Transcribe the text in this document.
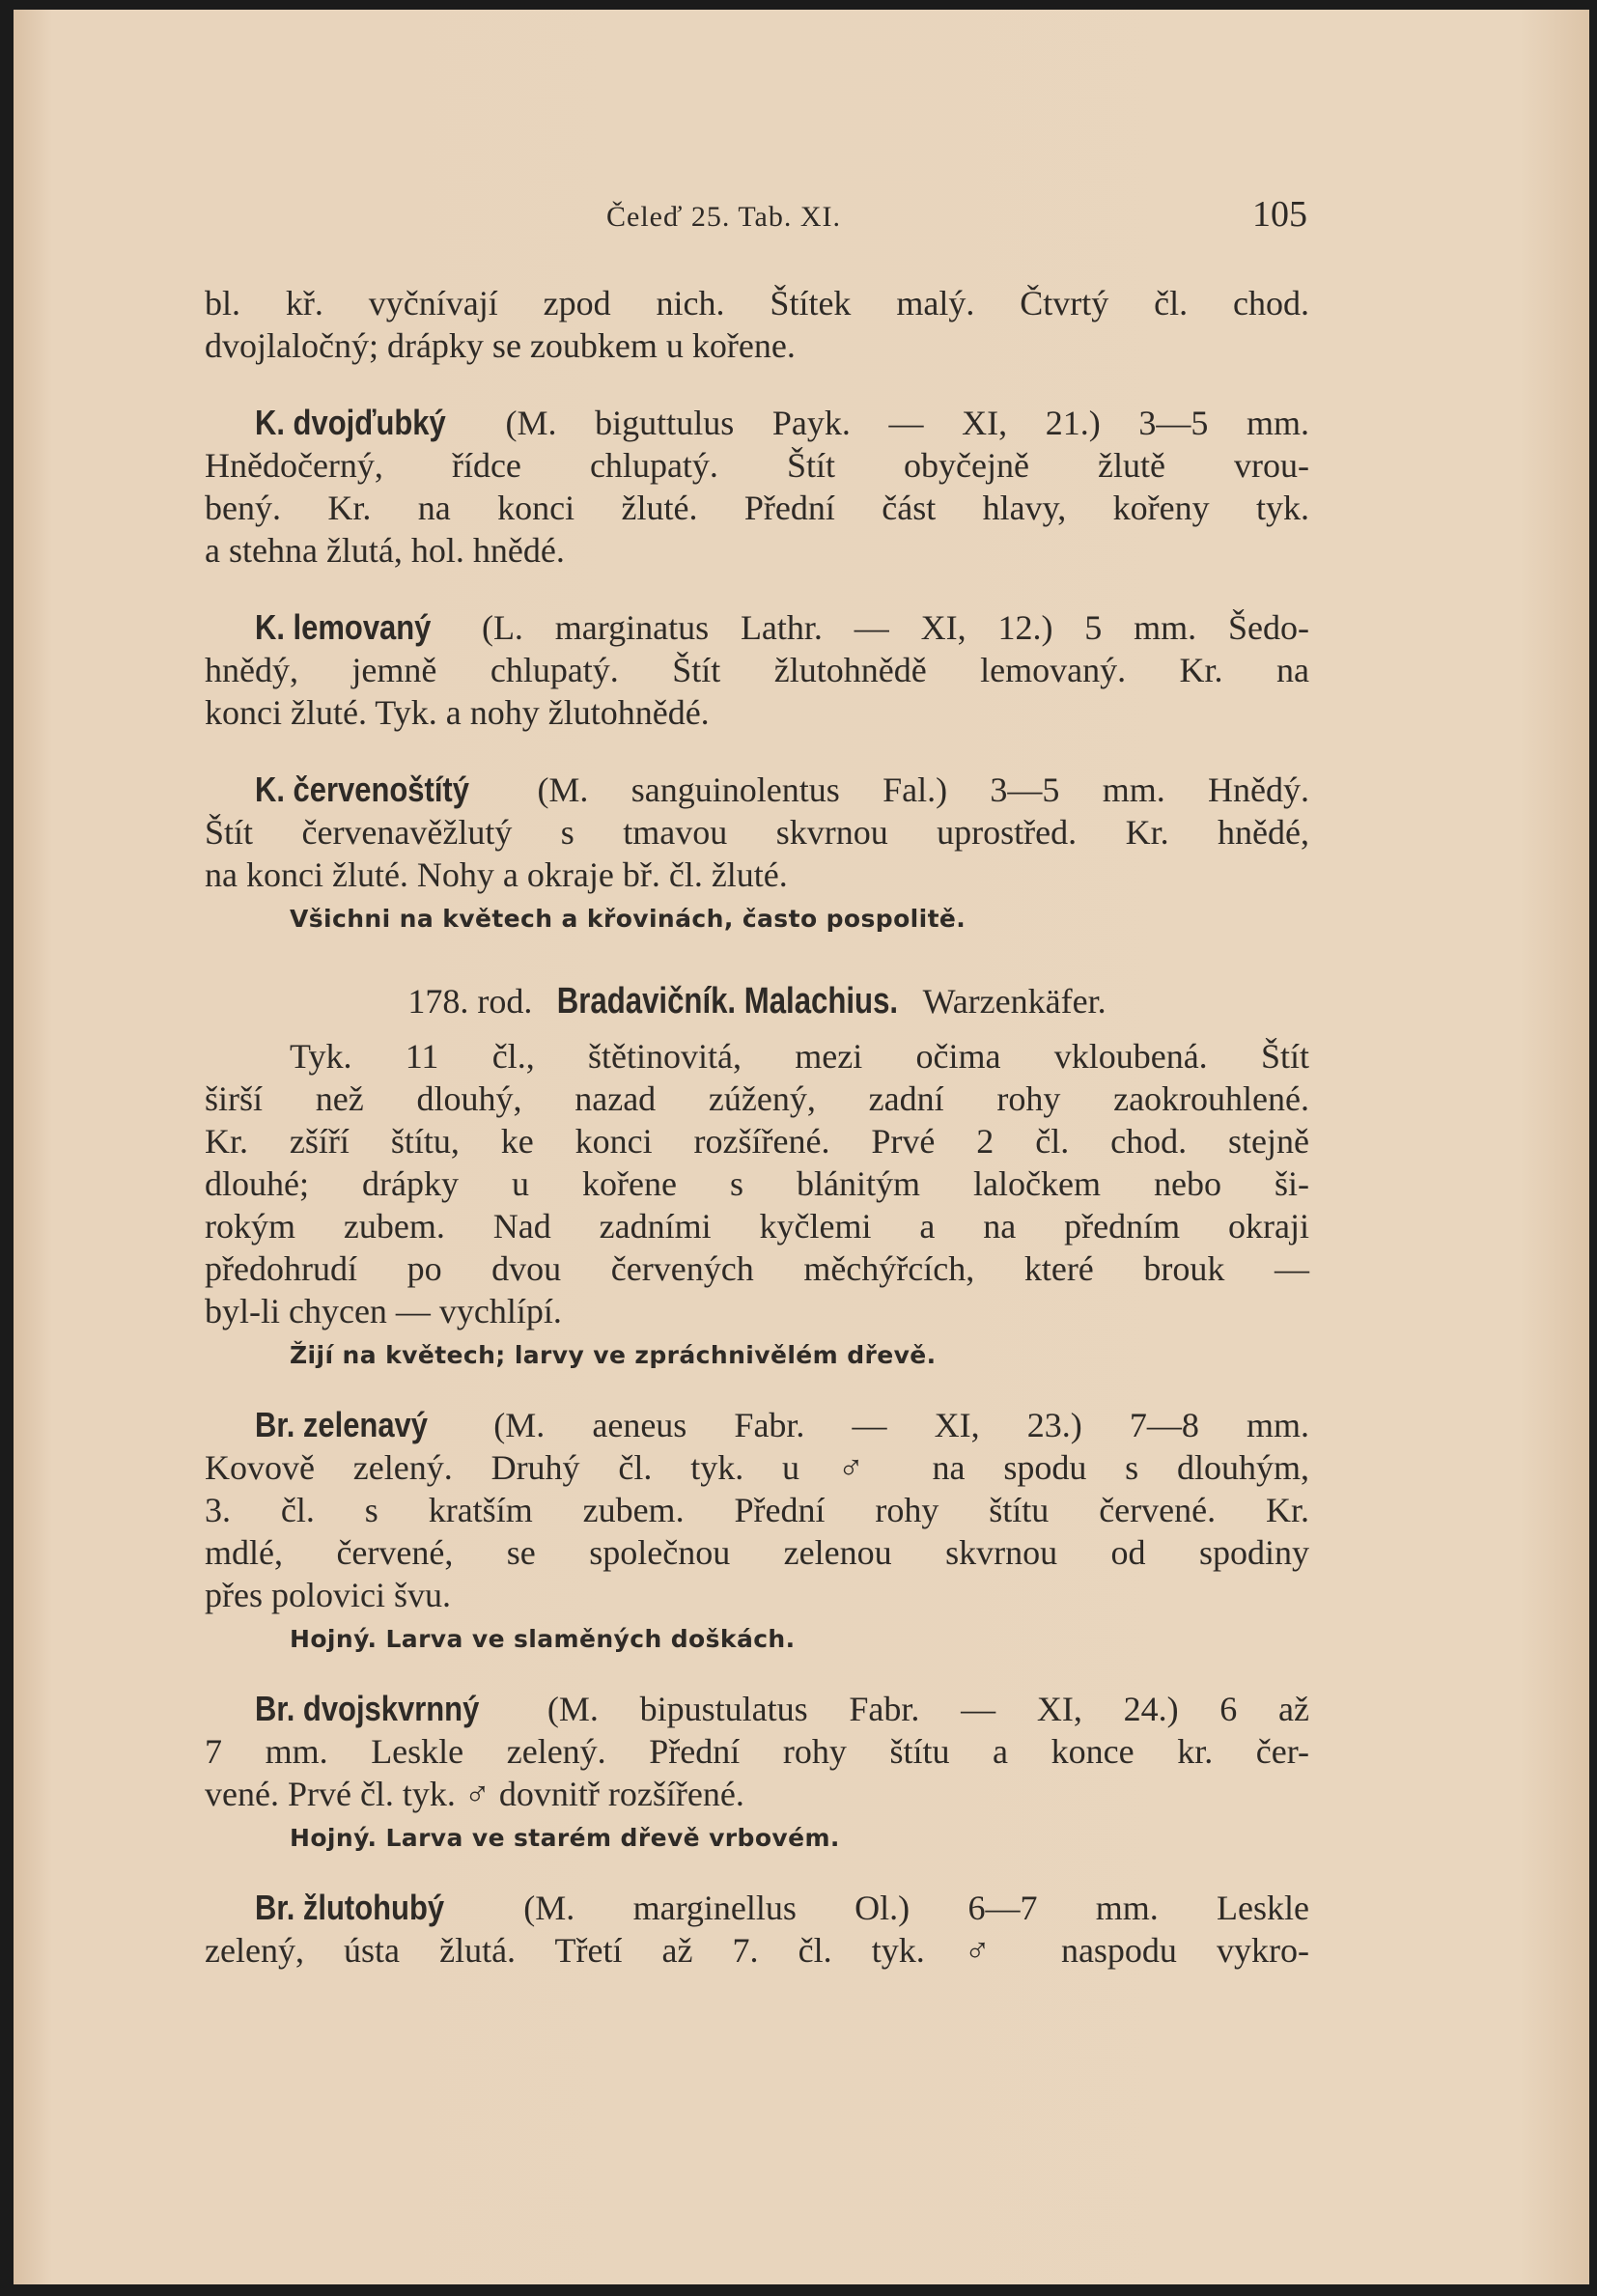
Čeleď 25. Tab. XI.	105

bl. kř. vyčnívají zpod nich. Štítek malý. Čtvrtý čl. chod.
dvojlaločný; drápky se zoubkem u kořene.

K. dvojďubký (M. biguttulus Payk. — XI, 21.) 3—5 mm.
Hnědočerný, řídce chlupatý. Štít obyčejně žlutě vrou-
bený. Kr. na konci žluté. Přední část hlavy, kořeny tyk.
a stehna žlutá, hol. hnědé.

K. lemovaný (L. marginatus Lathr. — XI, 12.) 5 mm. Šedo-
hnědý, jemně chlupatý. Štít žlutohnědě lemovaný. Kr. na
konci žluté. Tyk. a nohy žlutohnědé.

K. červenoštítý (M. sanguinolentus Fal.) 3—5 mm. Hnědý.
Štít červenavěžlutý s tmavou skvrnou uprostřed. Kr. hnědé,
na konci žluté. Nohy a okraje bř. čl. žluté.

Všichni na květech a křovinách, často pospolitě.

178. rod. Bradavičník. Malachius. Warzenkäfer.

Tyk. 11 čl., štětinovitá, mezi očima vkloubená. Štít
širší než dlouhý, nazad zúžený, zadní rohy zaokrouhlené.
Kr. zšíří štítu, ke konci rozšířené. Prvé 2 čl. chod. stejně
dlouhé; drápky u kořene s blánitým laločkem nebo ši-
rokým zubem. Nad zadními kyčlemi a na předním okraji
předohrudí po dvou červených měchýřcích, které brouk —
byl-li chycen — vychlípí.

Žijí na květech; larvy ve zpráchnivělém dřevě.

Br. zelenavý (M. aeneus Fabr. — XI, 23.) 7—8 mm.
Kovově zelený. Druhý čl. tyk. u ♂ na spodu s dlouhým,
3. čl. s kratším zubem. Přední rohy štítu červené. Kr.
mdlé, červené, se společnou zelenou skvrnou od spodiny
přes polovici švu.

Hojný. Larva ve slaměných doškách.

Br. dvojskvrnný (M. bipustulatus Fabr. — XI, 24.) 6 až
7 mm. Leskle zelený. Přední rohy štítu a konce kr. čer-
vené. Prvé čl. tyk. ♂ dovnitř rozšířené.

Hojný. Larva ve starém dřevě vrbovém.

Br. žlutohubý (M. marginellus Ol.) 6—7 mm. Leskle
zelený, ústa žlutá. Třetí až 7. čl. tyk. ♂ naspodu vykro-
